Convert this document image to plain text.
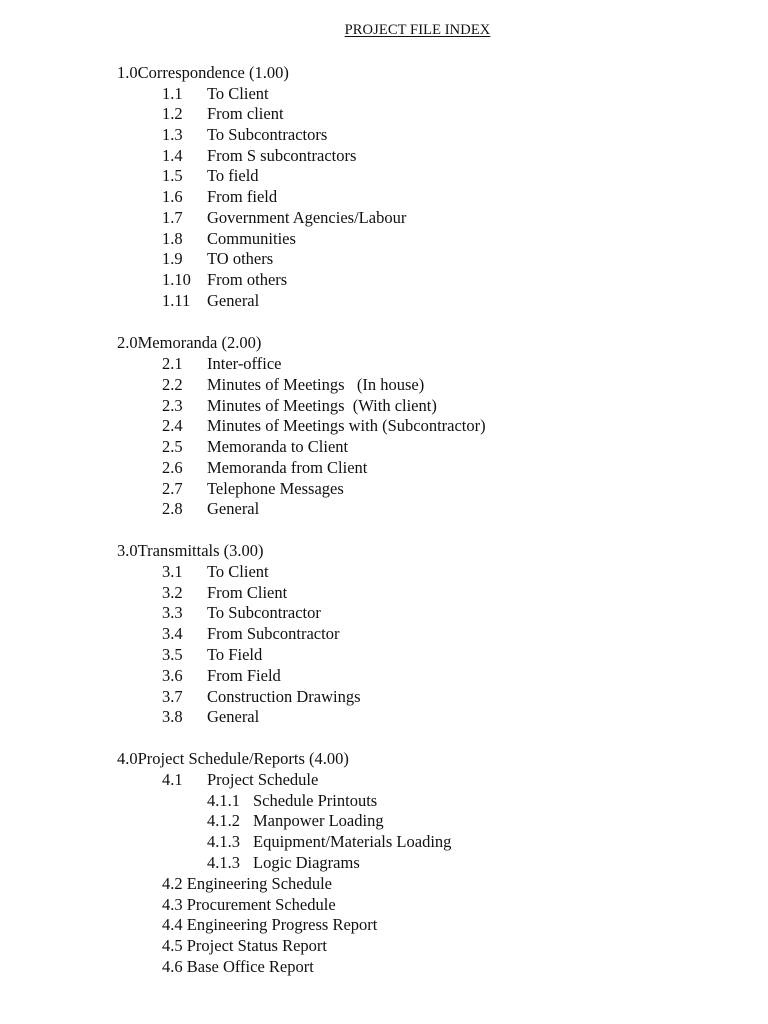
PROJECT FILE INDEX
1.0Correspondence (1.00)
1.1 To Client
1.2 From client
1.3 To Subcontractors
1.4 From S subcontractors
1.5 To field
1.6 From field
1.7 Government Agencies/Labour
1.8 Communities
1.9 TO others
1.10 From others
1.11 General
2.0Memoranda (2.00)
2.1 Inter-office
2.2 Minutes of Meetings   (In house)
2.3 Minutes of Meetings  (With client)
2.4 Minutes of Meetings with (Subcontractor)
2.5 Memoranda to Client
2.6 Memoranda from Client
2.7 Telephone Messages
2.8 General
3.0Transmittals (3.00)
3.1 To Client
3.2 From Client
3.3 To Subcontractor
3.4 From Subcontractor
3.5 To Field
3.6 From Field
3.7 Construction Drawings
3.8 General
4.0Project Schedule/Reports (4.00)
4.1 Project Schedule
4.1.1 Schedule Printouts
4.1.2 Manpower Loading
4.1.3 Equipment/Materials Loading
4.1.3 Logic Diagrams
4.2 Engineering Schedule
4.3 Procurement Schedule
4.4 Engineering Progress Report
4.5 Project Status Report
4.6 Base Office Report
